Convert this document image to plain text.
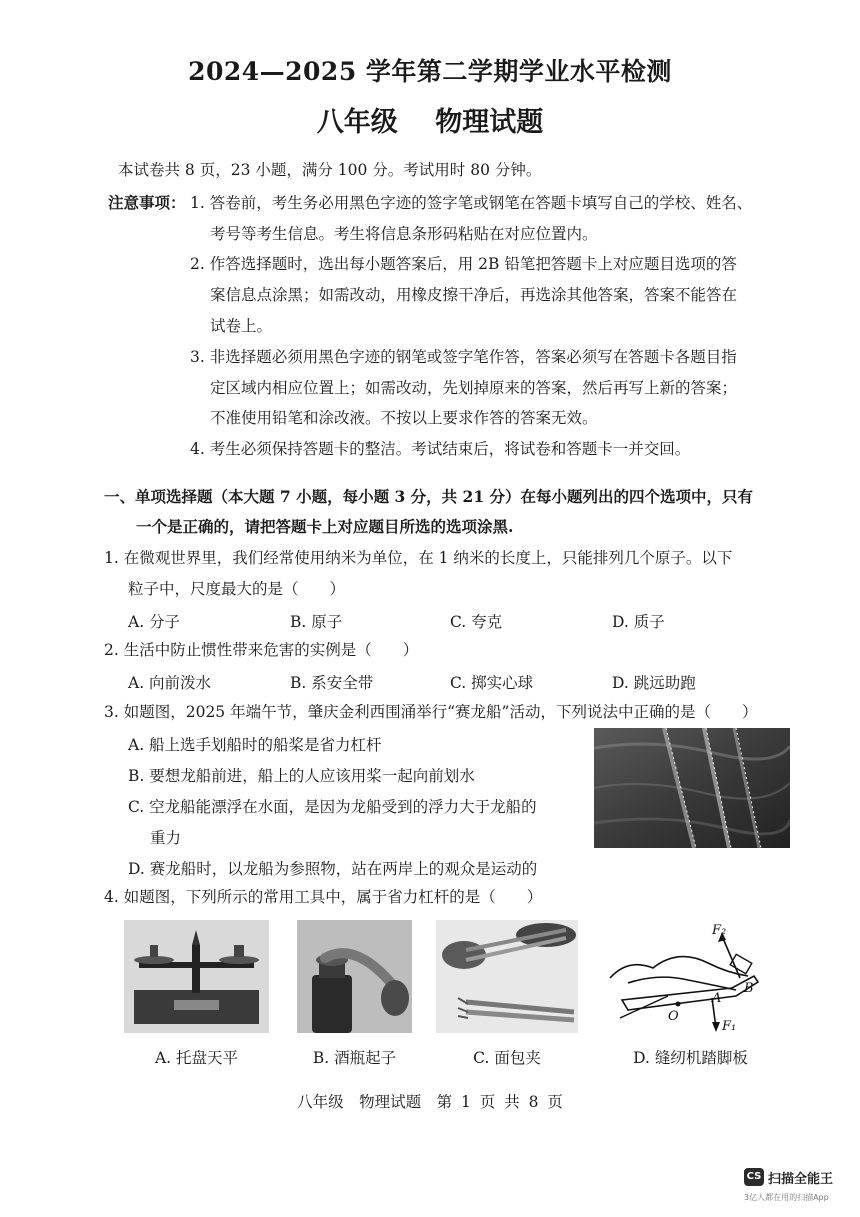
2024—2025 学年第二学期学业水平检测
八年级 物理试题
本试卷共 8 页，23 小题，满分 100 分。考试用时 80 分钟。
注意事项： 1. 答卷前，考生务必用黑色字迹的签字笔或钢笔在答题卡填写自己的学校、姓名、
考号等考生信息。考生将信息条形码粘贴在对应位置内。
2. 作答选择题时，选出每小题答案后，用 2B 铅笔把答题卡上对应题目选项的答
案信息点涂黑；如需改动，用橡皮擦干净后，再选涂其他答案，答案不能答在
试卷上。
3. 非选择题必须用黑色字迹的钢笔或签字笔作答，答案必须写在答题卡各题目指
定区域内相应位置上；如需改动，先划掉原来的答案，然后再写上新的答案；
不准使用铅笔和涂改液。不按以上要求作答的答案无效。
4. 考生必须保持答题卡的整洁。考试结束后，将试卷和答题卡一并交回。
一、单项选择题（本大题 7 小题，每小题 3 分，共 21 分）在每小题列出的四个选项中，只有
一个是正确的，请把答题卡上对应题目所选的选项涂黑.
1. 在微观世界里，我们经常使用纳米为单位，在 1 纳米的长度上，只能排列几个原子。以下
粒子中，尺度最大的是（　　）
A. 分子	B. 原子	C. 夸克	D. 质子
2. 生活中防止惯性带来危害的实例是（　　）
A. 向前泼水	B. 系安全带	C. 掷实心球	D. 跳远助跑
3. 如题图，2025 年端午节，肇庆金利西围涌举行“赛龙船”活动，下列说法中正确的是（　　）
A. 船上选手划船时的船桨是省力杠杆
B. 要想龙船前进，船上的人应该用桨一起向前划水
C. 空龙船能漂浮在水面，是因为龙船受到的浮力大于龙船的
重力
D. 赛龙船时，以龙船为参照物，站在两岸上的观众是运动的
4. 如题图，下列所示的常用工具中，属于省力杠杆的是（　　）
A. 托盘天平	B. 酒瓶起子	C. 面包夹
F₂
B
A
O
F₁
D. 缝纫机踏脚板
八年级　物理试题　第 1 页 共 8 页
CS 扫描全能王
3亿人都在用的扫描App
